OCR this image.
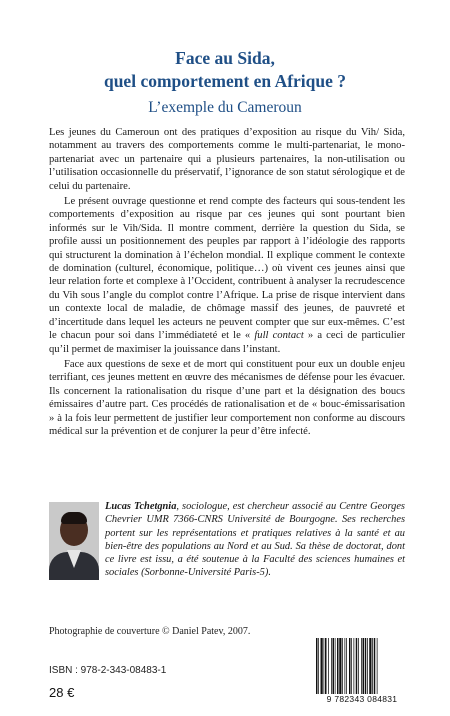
Face au Sida,
quel comportement en Afrique ?
L’exemple du Cameroun

Les jeunes du Cameroun ont des pratiques d’exposition au risque du Vih/ Sida, notamment au travers des comportements comme le multi-partenariat, le mono-partenariat avec un partenaire qui a plusieurs partenaires, la non-utilisation ou l’utilisation occasionnelle du préservatif, l’ignorance de son statut sérologique et de celui du partenaire.

Le présent ouvrage questionne et rend compte des facteurs qui sous-tendent les comportements d’exposition au risque par ces jeunes qui sont pourtant bien informés sur le Vih/Sida. Il montre comment, derrière la question du Sida, se profile aussi un positionnement des peuples par rapport à l’idéologie des rapports qui structurent la domination à l’échelon mondial. Il explique comment le contexte de domination (culturel, économique, politique…) où vivent ces jeunes ainsi que leur relation forte et complexe à l’Occident, contribuent à analyser la recrudescence du Vih sous l’angle du complot contre l’Afrique. La prise de risque intervient dans un contexte local de maladie, de chômage massif des jeunes, de pauvreté et d’incertitude dans lequel les acteurs ne peuvent compter que sur eux-mêmes. C’est le chacun pour soi dans l’immédiateté et le « full contact » a ceci de particulier qu’il permet de maximiser la jouissance dans l’instant.

Face aux questions de sexe et de mort qui constituent pour eux un double enjeu terrifiant, ces jeunes mettent en œuvre des mécanismes de défense pour les évacuer. Ils concernent la rationalisation du risque d’une part et la désignation des boucs émissaires d’autre part. Ces procédés de rationalisation et de « bouc-émissarisation » à la fois leur permettent de justifier leur comportement non conforme au discours médical sur la prévention et de conjurer la peur d’être infecté.

Lucas Tchetgnia, sociologue, est chercheur associé au Centre Georges Chevrier UMR 7366-CNRS Université de Bourgogne. Ses recherches portent sur les représentations et pratiques relatives à la santé et au bien-être des populations au Nord et au Sud. Sa thèse de doctorat, dont ce livre est issu, a été soutenue à la Faculté des sciences humaines et sociales (Sorbonne-Université Paris-5).
Photographie de couverture © Daniel Patev, 2007.
ISBN : 978-2-343-08483-1
28 €	9 782343 084831
